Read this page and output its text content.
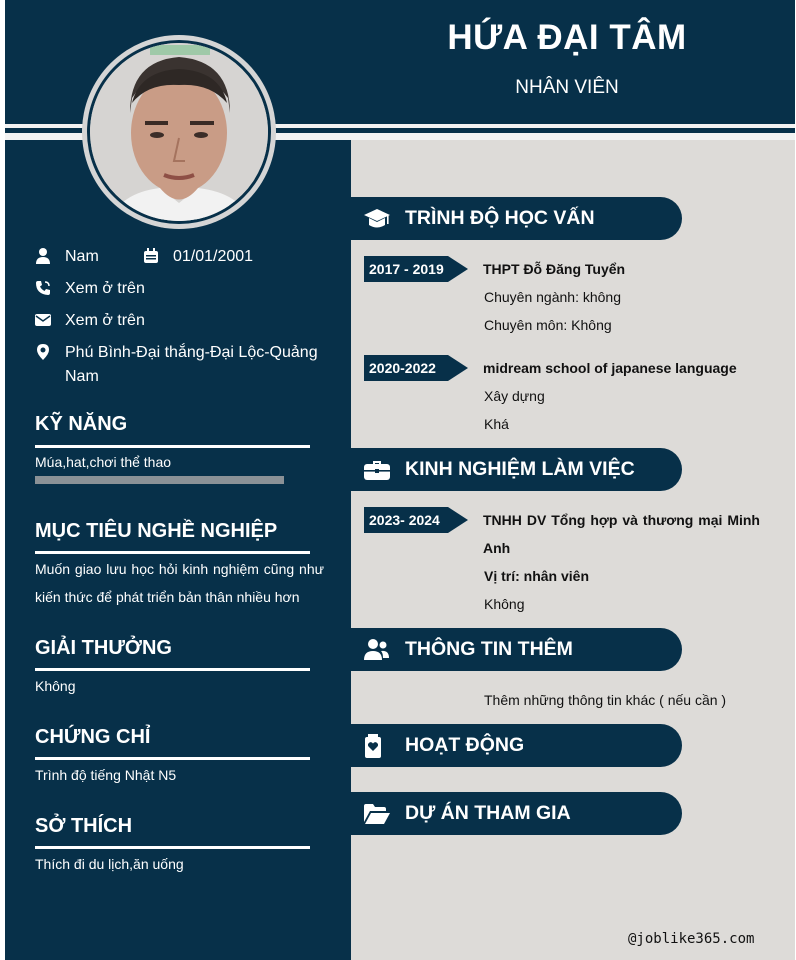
HỨA ĐẠI TÂM
NHÂN VIÊN
Nam	01/01/2001
Xem ở trên
Xem ở trên
Phú Bình-Đại thắng-Đại Lộc-Quảng
Nam
KỸ NĂNG
Múa,hat,chơi thể thao
MỤC TIÊU NGHỀ NGHIỆP
Muốn giao lưu học hỏi kinh nghiệm cũng như
kiến thức để phát triển bản thân nhiều hơn
GIẢI THƯỞNG
Không
CHỨNG CHỈ
Trình độ tiếng Nhật N5
SỞ THÍCH
Thích đi du lịch,ăn uống
TRÌNH ĐỘ HỌC VẤN
2017 - 2019	THPT Đỗ Đăng Tuyển
Chuyên ngành: không
Chuyên môn: Không
2020-2022	midream school of japanese language
Xây dựng
Khá
KINH NGHIỆM LÀM VIỆC
2023- 2024	TNHH DV Tổng hợp và thương mại Minh
Anh
Vị trí: nhân viên
Không
THÔNG TIN THÊM
Thêm những thông tin khác ( nếu cần )
HOẠT ĐỘNG
DỰ ÁN THAM GIA
@joblike365.com
